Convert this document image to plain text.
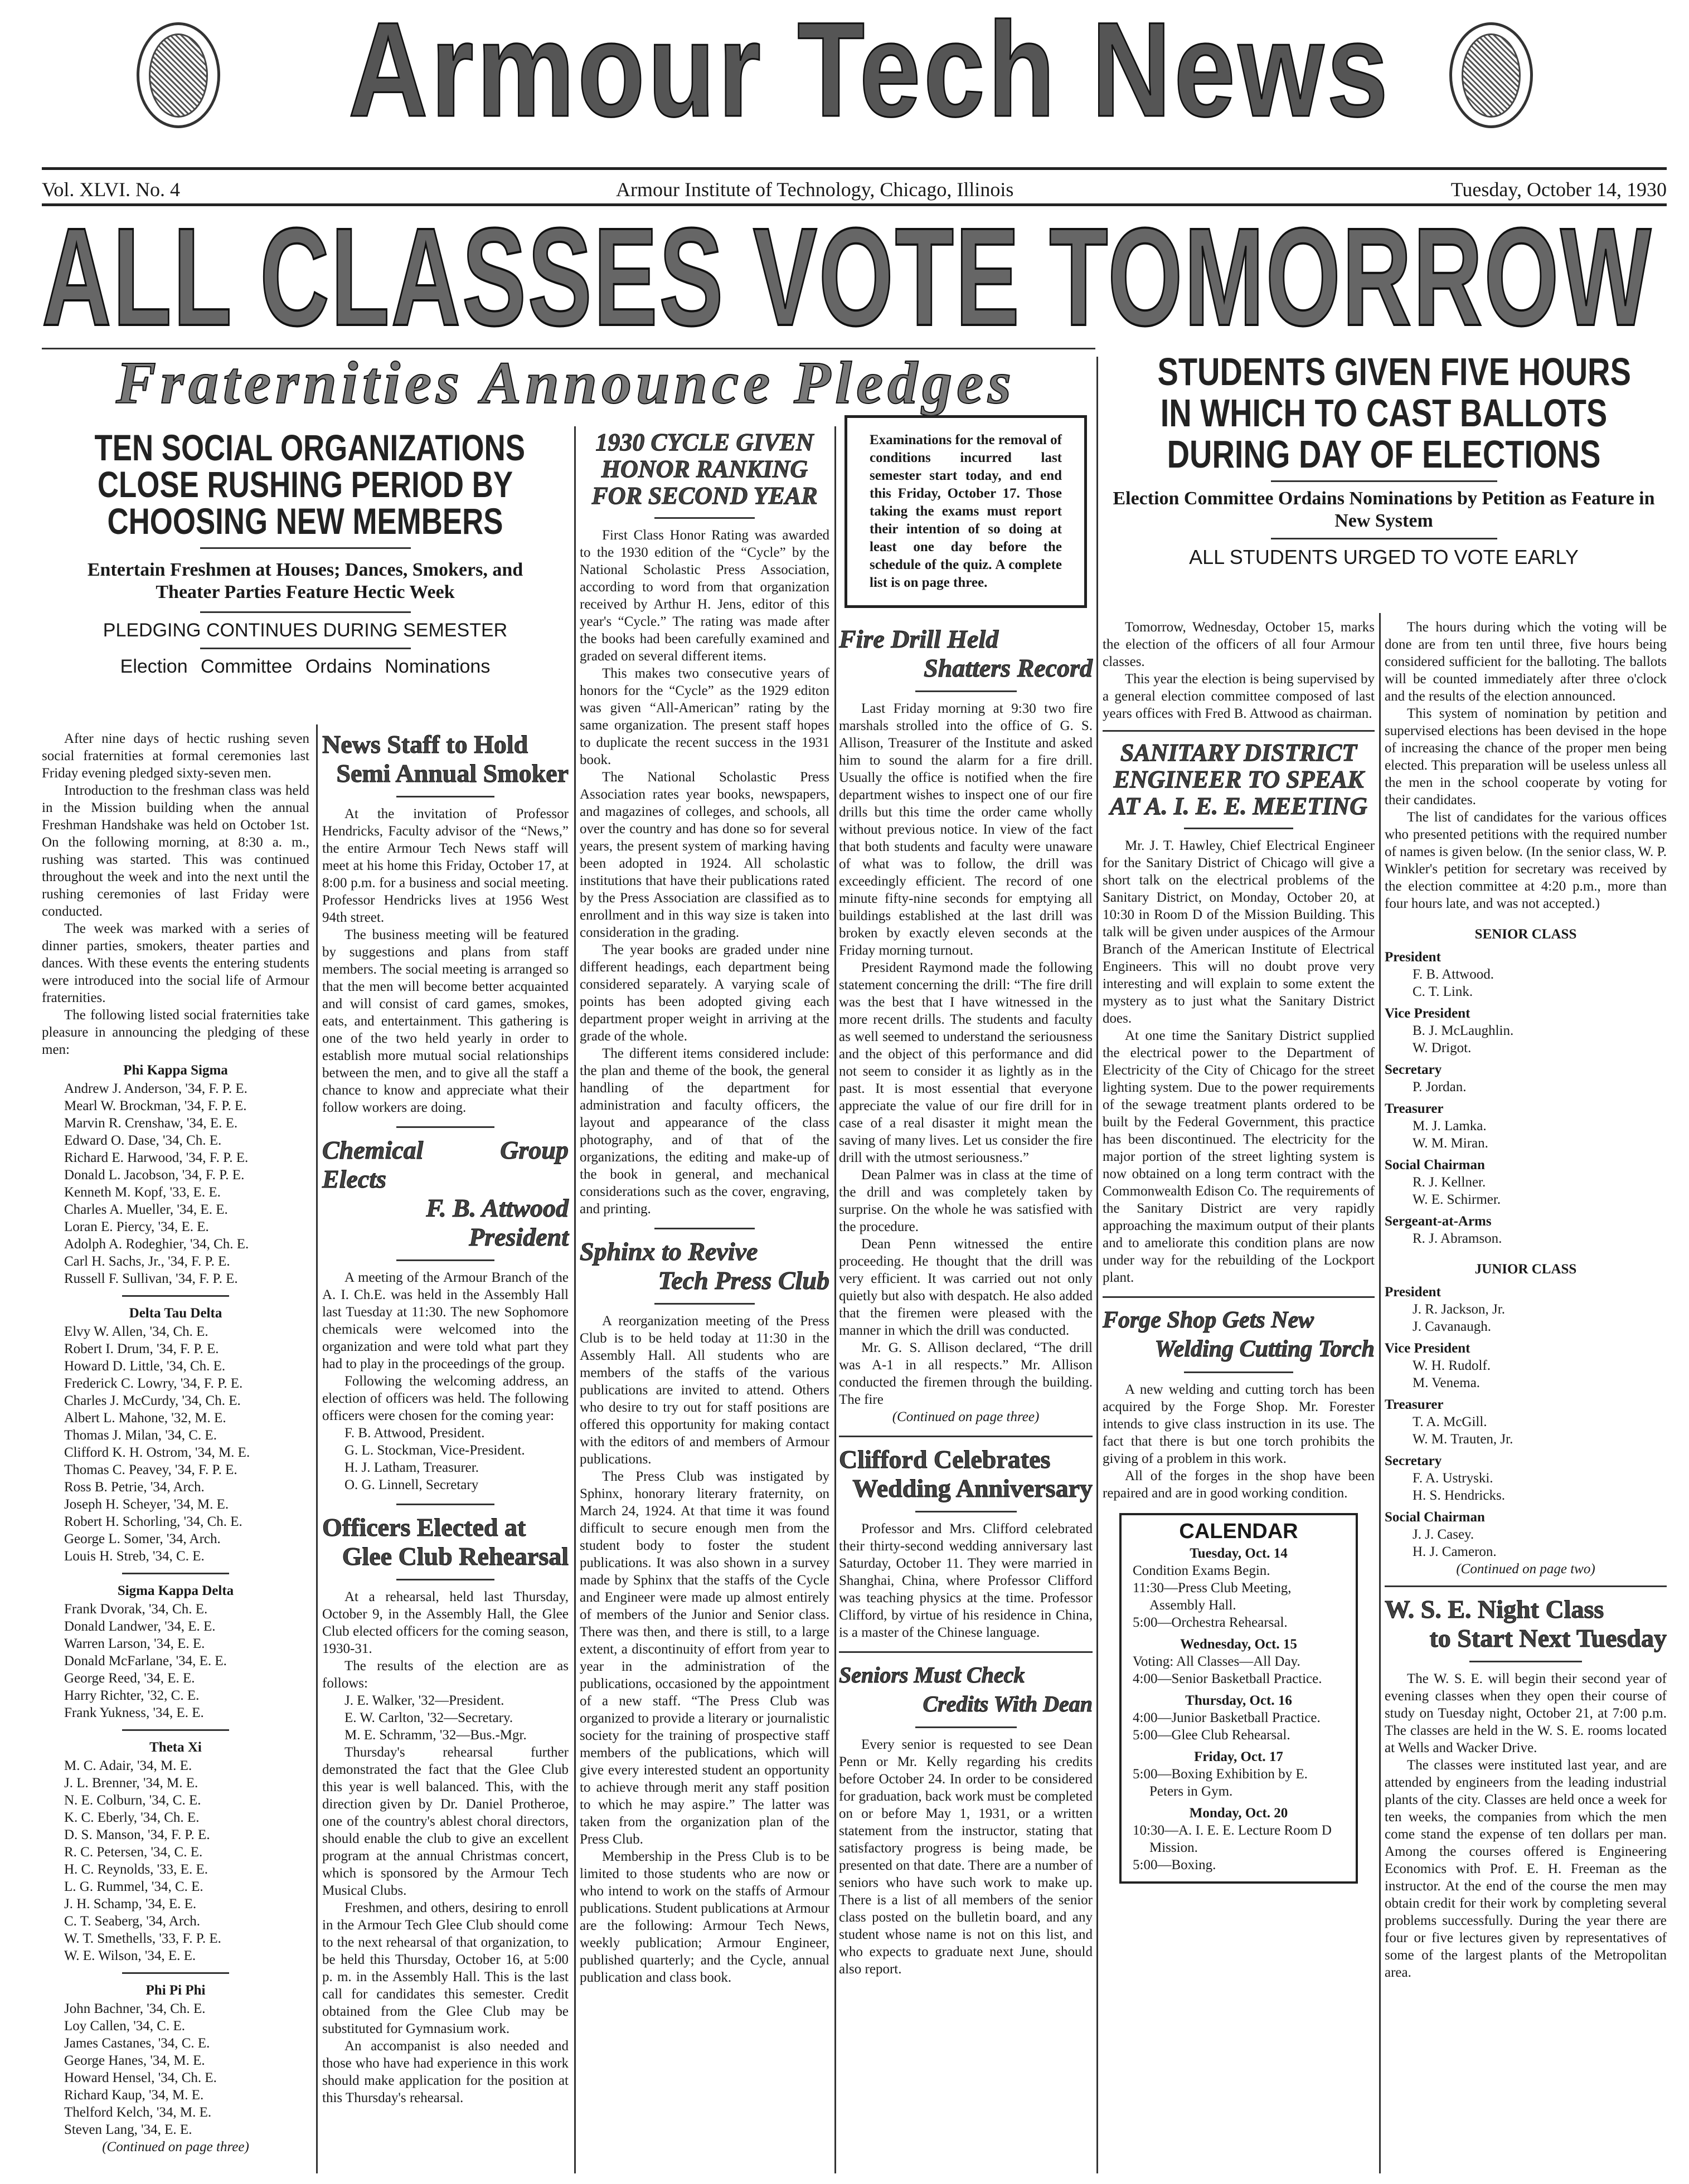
Armour Tech News
Vol. XLVI. No. 4	Armour Institute of Technology, Chicago, Illinois	Tuesday, October 14, 1930
ALL CLASSES VOTE TOMORROW
Fraternities Announce Pledges
TEN SOCIAL ORGANIZATIONS
CLOSE RUSHING PERIOD BY
CHOOSING NEW MEMBERS
Entertain Freshmen at Houses; Dances, Smokers, and Theater Parties Feature Hectic Week
PLEDGING CONTINUES DURING SEMESTER
Election Committee Ordains Nominations
After nine days of hectic rushing seven social fraternities at formal ceremonies last Friday evening pledged sixty-seven men.
Introduction to the freshman class was held in the Mission building when the annual Freshman Handshake was held on October 1st. On the following morning, at 8:30 a. m., rushing was started. This was continued throughout the week and into the next until the rushing ceremonies of last Friday were conducted.
The week was marked with a series of dinner parties, smokers, theater parties and dances. With these events the entering students were introduced into the social life of Armour fraternities.
The following listed social fraternities take pleasure in announcing the pledging of these men:
Phi Kappa Sigma
Andrew J. Anderson, '34, F. P. E.
Mearl W. Brockman, '34, F. P. E.
Marvin R. Crenshaw, '34, E. E.
Edward O. Dase, '34, Ch. E.
Richard E. Harwood, '34, F. P. E.
Donald L. Jacobson, '34, F. P. E.
Kenneth M. Kopf, '33, E. E.
Charles A. Mueller, '34, E. E.
Loran E. Piercy, '34, E. E.
Adolph A. Rodeghier, '34, Ch. E.
Carl H. Sachs, Jr., '34, F. P. E.
Russell F. Sullivan, '34, F. P. E.
Delta Tau Delta
Elvy W. Allen, '34, Ch. E.
Robert I. Drum, '34, F. P. E.
Howard D. Little, '34, Ch. E.
Frederick C. Lowry, '34, F. P. E.
Charles J. McCurdy, '34, Ch. E.
Albert L. Mahone, '32, M. E.
Thomas J. Milan, '34, C. E.
Clifford K. H. Ostrom, '34, M. E.
Thomas C. Peavey, '34, F. P. E.
Ross B. Petrie, '34, Arch.
Joseph H. Scheyer, '34, M. E.
Robert H. Schorling, '34, Ch. E.
George L. Somer, '34, Arch.
Louis H. Streb, '34, C. E.
Sigma Kappa Delta
Frank Dvorak, '34, Ch. E.
Donald Landwer, '34, E. E.
Warren Larson, '34, E. E.
Donald McFarlane, '34, E. E.
George Reed, '34, E. E.
Harry Richter, '32, C. E.
Frank Yukness, '34, E. E.
Theta Xi
M. C. Adair, '34, M. E.
J. L. Brenner, '34, M. E.
N. E. Colburn, '34, C. E.
K. C. Eberly, '34, Ch. E.
D. S. Manson, '34, F. P. E.
R. C. Petersen, '34, C. E.
H. C. Reynolds, '33, E. E.
L. G. Rummel, '34, C. E.
J. H. Schamp, '34, E. E.
C. T. Seaberg, '34, Arch.
W. T. Smethells, '33, F. P. E.
W. E. Wilson, '34, E. E.
Phi Pi Phi
John Bachner, '34, Ch. E.
Loy Callen, '34, C. E.
James Castanes, '34, C. E.
George Hanes, '34, M. E.
Howard Hensel, '34, Ch. E.
Richard Kaup, '34, M. E.
Thelford Kelch, '34, M. E.
Steven Lang, '34, E. E.
(Continued on page three)
News Staff to Hold
Semi Annual Smoker
At the invitation of Professor Hendricks, Faculty advisor of the “News,” the entire Armour Tech News staff will meet at his home this Friday, October 17, at 8:00 p.m. for a business and social meeting. Professor Hendricks lives at 1956 West 94th street.
The business meeting will be featured by suggestions and plans from staff members. The social meeting is arranged so that the men will become better acquainted and will consist of card games, smokes, eats, and entertainment. This gathering is one of the two held yearly in order to establish more mutual social relationships between the men, and to give all the staff a chance to know and appreciate what their follow workers are doing.
Chemical Group Elects
F. B. Attwood President
A meeting of the Armour Branch of the A. I. Ch.E. was held in the Assembly Hall last Tuesday at 11:30. The new Sophomore chemicals were welcomed into the organization and were told what part they had to play in the proceedings of the group.
Following the welcoming address, an election of officers was held. The following officers were chosen for the coming year:
F. B. Attwood, President.
G. L. Stockman, Vice-President.
H. J. Latham, Treasurer.
O. G. Linnell, Secretary
Officers Elected at
Glee Club Rehearsal
At a rehearsal, held last Thursday, October 9, in the Assembly Hall, the Glee Club elected officers for the coming season, 1930-31.
The results of the election are as follows:
J. E. Walker, '32—President.
E. W. Carlton, '32—Secretary.
M. E. Schramm, '32—Bus.-Mgr.
Thursday's rehearsal further demonstrated the fact that the Glee Club this year is well balanced. This, with the direction given by Dr. Daniel Protheroe, one of the country's ablest choral directors, should enable the club to give an excellent program at the annual Christmas concert, which is sponsored by the Armour Tech Musical Clubs.
Freshmen, and others, desiring to enroll in the Armour Tech Glee Club should come to the next rehearsal of that organization, to be held this Thursday, October 16, at 5:00 p. m. in the Assembly Hall. This is the last call for candidates this semester. Credit obtained from the Glee Club may be substituted for Gymnasium work.
An accompanist is also needed and those who have had experience in this work should make application for the position at this Thursday's rehearsal.
1930 CYCLE GIVEN
HONOR RANKING
FOR SECOND YEAR
First Class Honor Rating was awarded to the 1930 edition of the “Cycle” by the National Scholastic Press Association, according to word from that organization received by Arthur H. Jens, editor of this year's “Cycle.” The rating was made after the books had been carefully examined and graded on several different items.
This makes two consecutive years of honors for the “Cycle” as the 1929 editon was given “All-American” rating by the same organization. The present staff hopes to duplicate the recent success in the 1931 book.
The National Scholastic Press Association rates year books, newspapers, and magazines of colleges, and schools, all over the country and has done so for several years, the present system of marking having been adopted in 1924. All scholastic institutions that have their publications rated by the Press Association are classified as to enrollment and in this way size is taken into consideration in the grading.
The year books are graded under nine different headings, each department being considered separately. A varying scale of points has been adopted giving each department proper weight in arriving at the grade of the whole.
The different items considered include: the plan and theme of the book, the general handling of the department for administration and faculty officers, the layout and appearance of the class photography, and of that of the organizations, the editing and make-up of the book in general, and mechanical considerations such as the cover, engraving, and printing.
Sphinx to Revive
Tech Press Club
A reorganization meeting of the Press Club is to be held today at 11:30 in the Assembly Hall. All students who are members of the staffs of the various publications are invited to attend. Others who desire to try out for staff positions are offered this opportunity for making contact with the editors of and members of Armour publications.
The Press Club was instigated by Sphinx, honorary literary fraternity, on March 24, 1924. At that time it was found difficult to secure enough men from the student body to foster the student publications. It was also shown in a survey made by Sphinx that the staffs of the Cycle and Engineer were made up almost entirely of members of the Junior and Senior class. There was then, and there is still, to a large extent, a discontinuity of effort from year to year in the administration of the publications, occasioned by the appointment of a new staff. “The Press Club was organized to provide a literary or journalistic society for the training of prospective staff members of the publications, which will give every interested student an opportunity to achieve through merit any staff position to which he may aspire.” The latter was taken from the organization plan of the Press Club.
Membership in the Press Club is to be limited to those students who are now or who intend to work on the staffs of Armour publications. Student publications at Armour are the following: Armour Tech News, weekly publication; Armour Engineer, published quarterly; and the Cycle, annual publication and class book.
Examinations for the removal of conditions incurred last semester start today, and end this Friday, October 17. Those taking the exams must report their intention of so doing at least one day before the schedule of the quiz. A complete list is on page three.
Fire Drill Held
Shatters Record
Last Friday morning at 9:30 two fire marshals strolled into the office of G. S. Allison, Treasurer of the Institute and asked him to sound the alarm for a fire drill. Usually the office is notified when the fire department wishes to inspect one of our fire drills but this time the order came wholly without previous notice. In view of the fact that both students and faculty were unaware of what was to follow, the drill was exceedingly efficient. The record of one minute fifty-nine seconds for emptying all buildings established at the last drill was broken by exactly eleven seconds at the Friday morning turnout.
President Raymond made the following statement concerning the drill: “The fire drill was the best that I have witnessed in the more recent drills. The students and faculty as well seemed to understand the seriousness and the object of this performance and did not seem to consider it as lightly as in the past. It is most essential that everyone appreciate the value of our fire drill for in case of a real disaster it might mean the saving of many lives. Let us consider the fire drill with the utmost seriousness.”
Dean Palmer was in class at the time of the drill and was completely taken by surprise. On the whole he was satisfied with the procedure.
Dean Penn witnessed the entire proceeding. He thought that the drill was very efficient. It was carried out not only quietly but also with despatch. He also added that the firemen were pleased with the manner in which the drill was conducted.
Mr. G. S. Allison declared, “The drill was A-1 in all respects.” Mr. Allison conducted the firemen through the building. The fire
(Continued on page three)
Clifford Celebrates
Wedding Anniversary
Professor and Mrs. Clifford celebrated their thirty-second wedding anniversary last Saturday, October 11. They were married in Shanghai, China, where Professor Clifford was teaching physics at the time. Professor Clifford, by virtue of his residence in China, is a master of the Chinese language.
Seniors Must Check
Credits With Dean
Every senior is requested to see Dean Penn or Mr. Kelly regarding his credits before October 24. In order to be considered for graduation, back work must be completed on or before May 1, 1931, or a written statement from the instructor, stating that satisfactory progress is being made, be presented on that date. There are a number of seniors who have such work to make up. There is a list of all members of the senior class posted on the bulletin board, and any student whose name is not on this list, and who expects to graduate next June, should also report.
STUDENTS GIVEN FIVE HOURS
IN WHICH TO CAST BALLOTS
DURING DAY OF ELECTIONS
Election Committee Ordains Nominations by Petition as Feature in New System
ALL STUDENTS URGED TO VOTE EARLY
Tomorrow, Wednesday, October 15, marks the election of the officers of all four Armour classes.
This year the election is being supervised by a general election committee composed of last years offices with Fred B. Attwood as chairman.
SANITARY DISTRICT
ENGINEER TO SPEAK
AT A. I. E. E. MEETING
Mr. J. T. Hawley, Chief Electrical Engineer for the Sanitary District of Chicago will give a short talk on the electrical problems of the Sanitary District, on Monday, October 20, at 10:30 in Room D of the Mission Building. This talk will be given under auspices of the Armour Branch of the American Institute of Electrical Engineers. This will no doubt prove very interesting and will explain to some extent the mystery as to just what the Sanitary District does.
At one time the Sanitary District supplied the electrical power to the Department of Electricity of the City of Chicago for the street lighting system. Due to the power requirements of the sewage treatment plants ordered to be built by the Federal Government, this practice has been discontinued. The electricity for the major portion of the street lighting system is now obtained on a long term contract with the Commonwealth Edison Co. The requirements of the Sanitary District are very rapidly approaching the maximum output of their plants and to ameliorate this condition plans are now under way for the rebuilding of the Lockport plant.
Forge Shop Gets New
Welding Cutting Torch
A new welding and cutting torch has been acquired by the Forge Shop. Mr. Forester intends to give class instruction in its use. The fact that there is but one torch prohibits the giving of a problem in this work.
All of the forges in the shop have been repaired and are in good working condition.
CALENDAR
Tuesday, Oct. 14
Condition Exams Begin.
11:30—Press Club Meeting, Assembly Hall.
5:00—Orchestra Rehearsal.
Wednesday, Oct. 15
Voting: All Classes—All Day.
4:00—Senior Basketball Practice.
Thursday, Oct. 16
4:00—Junior Basketball Practice.
5:00—Glee Club Rehearsal.
Friday, Oct. 17
5:00—Boxing Exhibition by E. Peters in Gym.
Monday, Oct. 20
10:30—A. I. E. E. Lecture Room D Mission.
5:00—Boxing.
The hours during which the voting will be done are from ten until three, five hours being considered sufficient for the balloting. The ballots will be counted immediately after three o'clock and the results of the election announced.
This system of nomination by petition and supervised elections has been devised in the hope of increasing the chance of the proper men being elected. This preparation will be useless unless all the men in the school cooperate by voting for their candidates.
The list of candidates for the various offices who presented petitions with the required number of names is given below. (In the senior class, W. P. Winkler's petition for secretary was received by the election committee at 4:20 p.m., more than four hours late, and was not accepted.)
SENIOR CLASS
President
F. B. Attwood.
C. T. Link.
Vice President
B. J. McLaughlin.
W. Drigot.
Secretary
P. Jordan.
Treasurer
M. J. Lamka.
W. M. Miran.
Social Chairman
R. J. Kellner.
W. E. Schirmer.
Sergeant-at-Arms
R. J. Abramson.
JUNIOR CLASS
President
J. R. Jackson, Jr.
J. Cavanaugh.
Vice President
W. H. Rudolf.
M. Venema.
Treasurer
T. A. McGill.
W. M. Trauten, Jr.
Secretary
F. A. Ustryski.
H. S. Hendricks.
Social Chairman
J. J. Casey.
H. J. Cameron.
(Continued on page two)
W. S. E. Night Class
to Start Next Tuesday
The W. S. E. will begin their second year of evening classes when they open their course of study on Tuesday night, October 21, at 7:00 p.m. The classes are held in the W. S. E. rooms located at Wells and Wacker Drive.
The classes were instituted last year, and are attended by engineers from the leading industrial plants of the city. Classes are held once a week for ten weeks, the companies from which the men come stand the expense of ten dollars per man. Among the courses offered is Engineering Economics with Prof. E. H. Freeman as the instructor. At the end of the course the men may obtain credit for their work by completing several problems successfully. During the year there are four or five lectures given by representatives of some of the largest plants of the Metropolitan area.
